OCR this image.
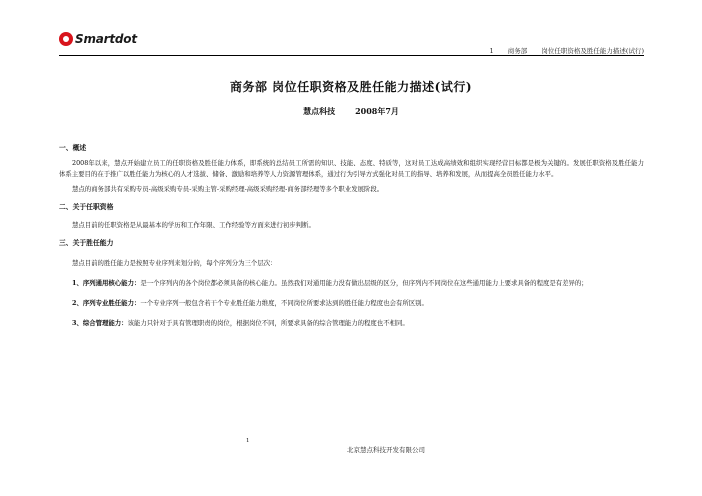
Smartdot
1 商务部 岗位任职资格及胜任能力描述(试行)
商务部 岗位任职资格及胜任能力描述(试行)
慧点科技	2008年7月

一、概述

2008年以来，慧点开始建立员工的任职资格及胜任能力体系，即系统的总结员工所需的知识、技能、态度、特质等，这对员工达成高绩效和组织实现经营目标都是极为关键的。发展任职资格及胜任能力体系主要目的在于推广以胜任能力为核心的人才选拔、储备、激励和培养等人力资源管理体系，通过行为引导方式强化对员工的指导、培养和发展，从而提高全员胜任能力水平。

慧点的商务部共有采购专员-高级采购专员-采购主管-采购经理-高级采购经理-商务部经理等多个职业发展阶段。

二、关于任职资格

慧点目前的任职资格是从最基本的学历和工作年限、工作经验等方面来进行初步判断。

三、关于胜任能力

慧点目前的胜任能力是按照专业序列来划分的，每个序列分为三个层次：

1、序列通用核心能力：是一个序列内的各个岗位都必须具备的核心能力。虽然我们对通用能力没有做出层级的区分，但序列内不同岗位在这些通用能力上要求具备的程度是有差异的；

2、序列专业胜任能力：一个专业序列一般包含若干个专业胜任能力维度，不同岗位所要求达到的胜任能力程度也会有所区别。

3、综合管理能力：该能力只针对于具有管理职责的岗位，根据岗位不同，所要求具备的综合管理能力的程度也不相同。

1
北京慧点科技开发有限公司
